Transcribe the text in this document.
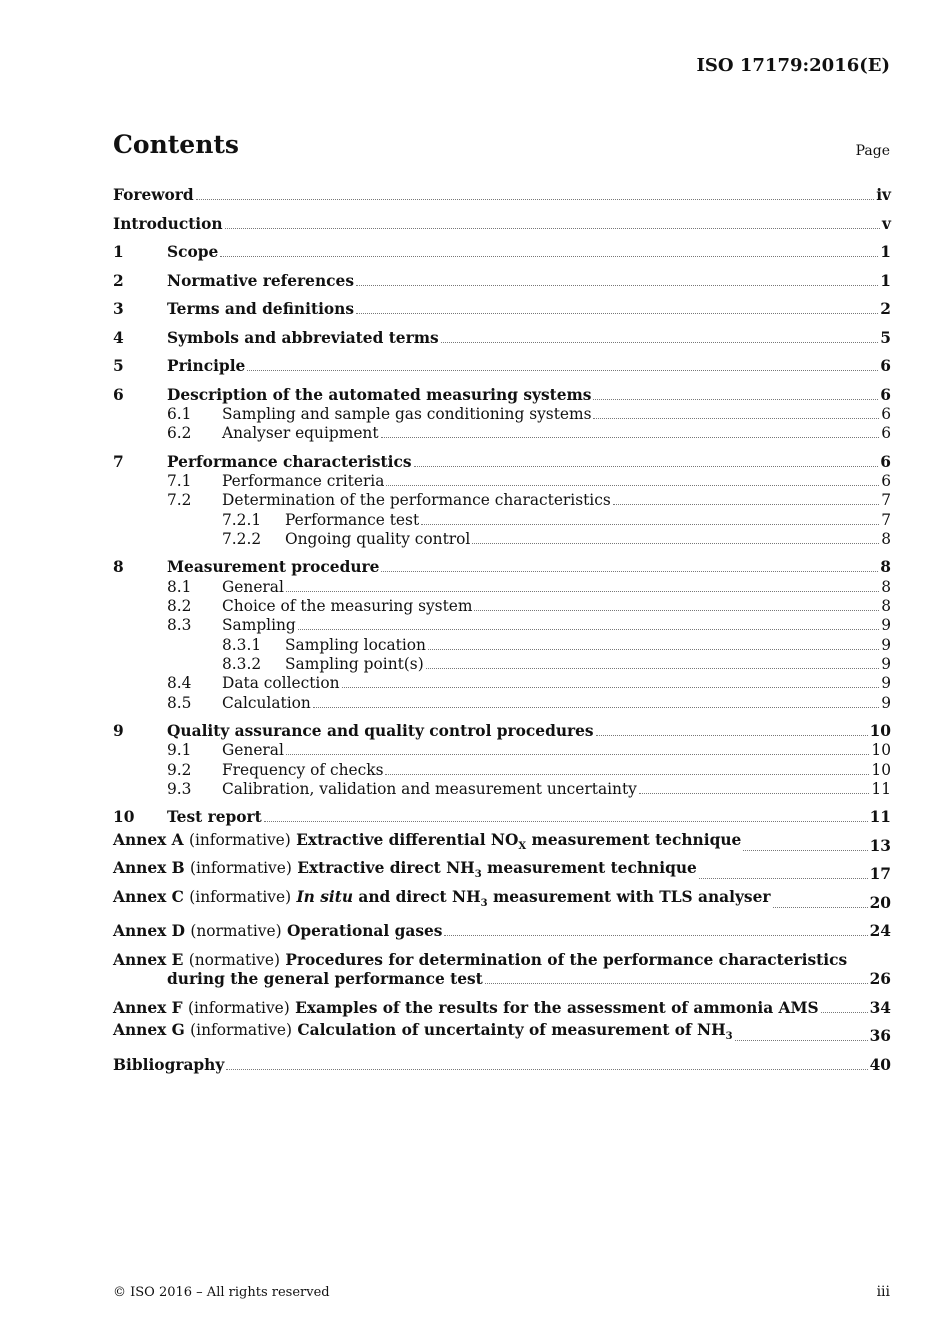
ISO 17179:2016(E)
Contents	Page
Foreword	iv
Introduction	v
1	Scope	1
2	Normative references	1
3	Terms and definitions	2
4	Symbols and abbreviated terms	5
5	Principle	6
6	Description of the automated measuring systems	6
6.1	Sampling and sample gas conditioning systems	6
6.2	Analyser equipment	6
7	Performance characteristics	6
7.1	Performance criteria	6
7.2	Determination of the performance characteristics	7
7.2.1	Performance test	7
7.2.2	Ongoing quality control	8
8	Measurement procedure	8
8.1	General	8
8.2	Choice of the measuring system	8
8.3	Sampling	9
8.3.1	Sampling location	9
8.3.2	Sampling point(s)	9
8.4	Data collection	9
8.5	Calculation	9
9	Quality assurance and quality control procedures	10
9.1	General	10
9.2	Frequency of checks	10
9.3	Calibration, validation and measurement uncertainty	11
10	Test report	11
Annex A (informative) Extractive differential $NO_X$ measurement technique	13
Annex B (informative) Extractive direct $NH_3$ measurement technique	17
Annex C (informative) In situ and direct $NH_3$ measurement with TLS analyser	20
Annex D (normative) Operational gases	24
Annex E (normative) Procedures for determination of the performance characteristics
during the general performance test	26
Annex F (informative) Examples of the results for the assessment of ammonia AMS	34
Annex G (informative) Calculation of uncertainty of measurement of $NH_3$	36
Bibliography	40
© ISO 2016 – All rights reserved	iii
